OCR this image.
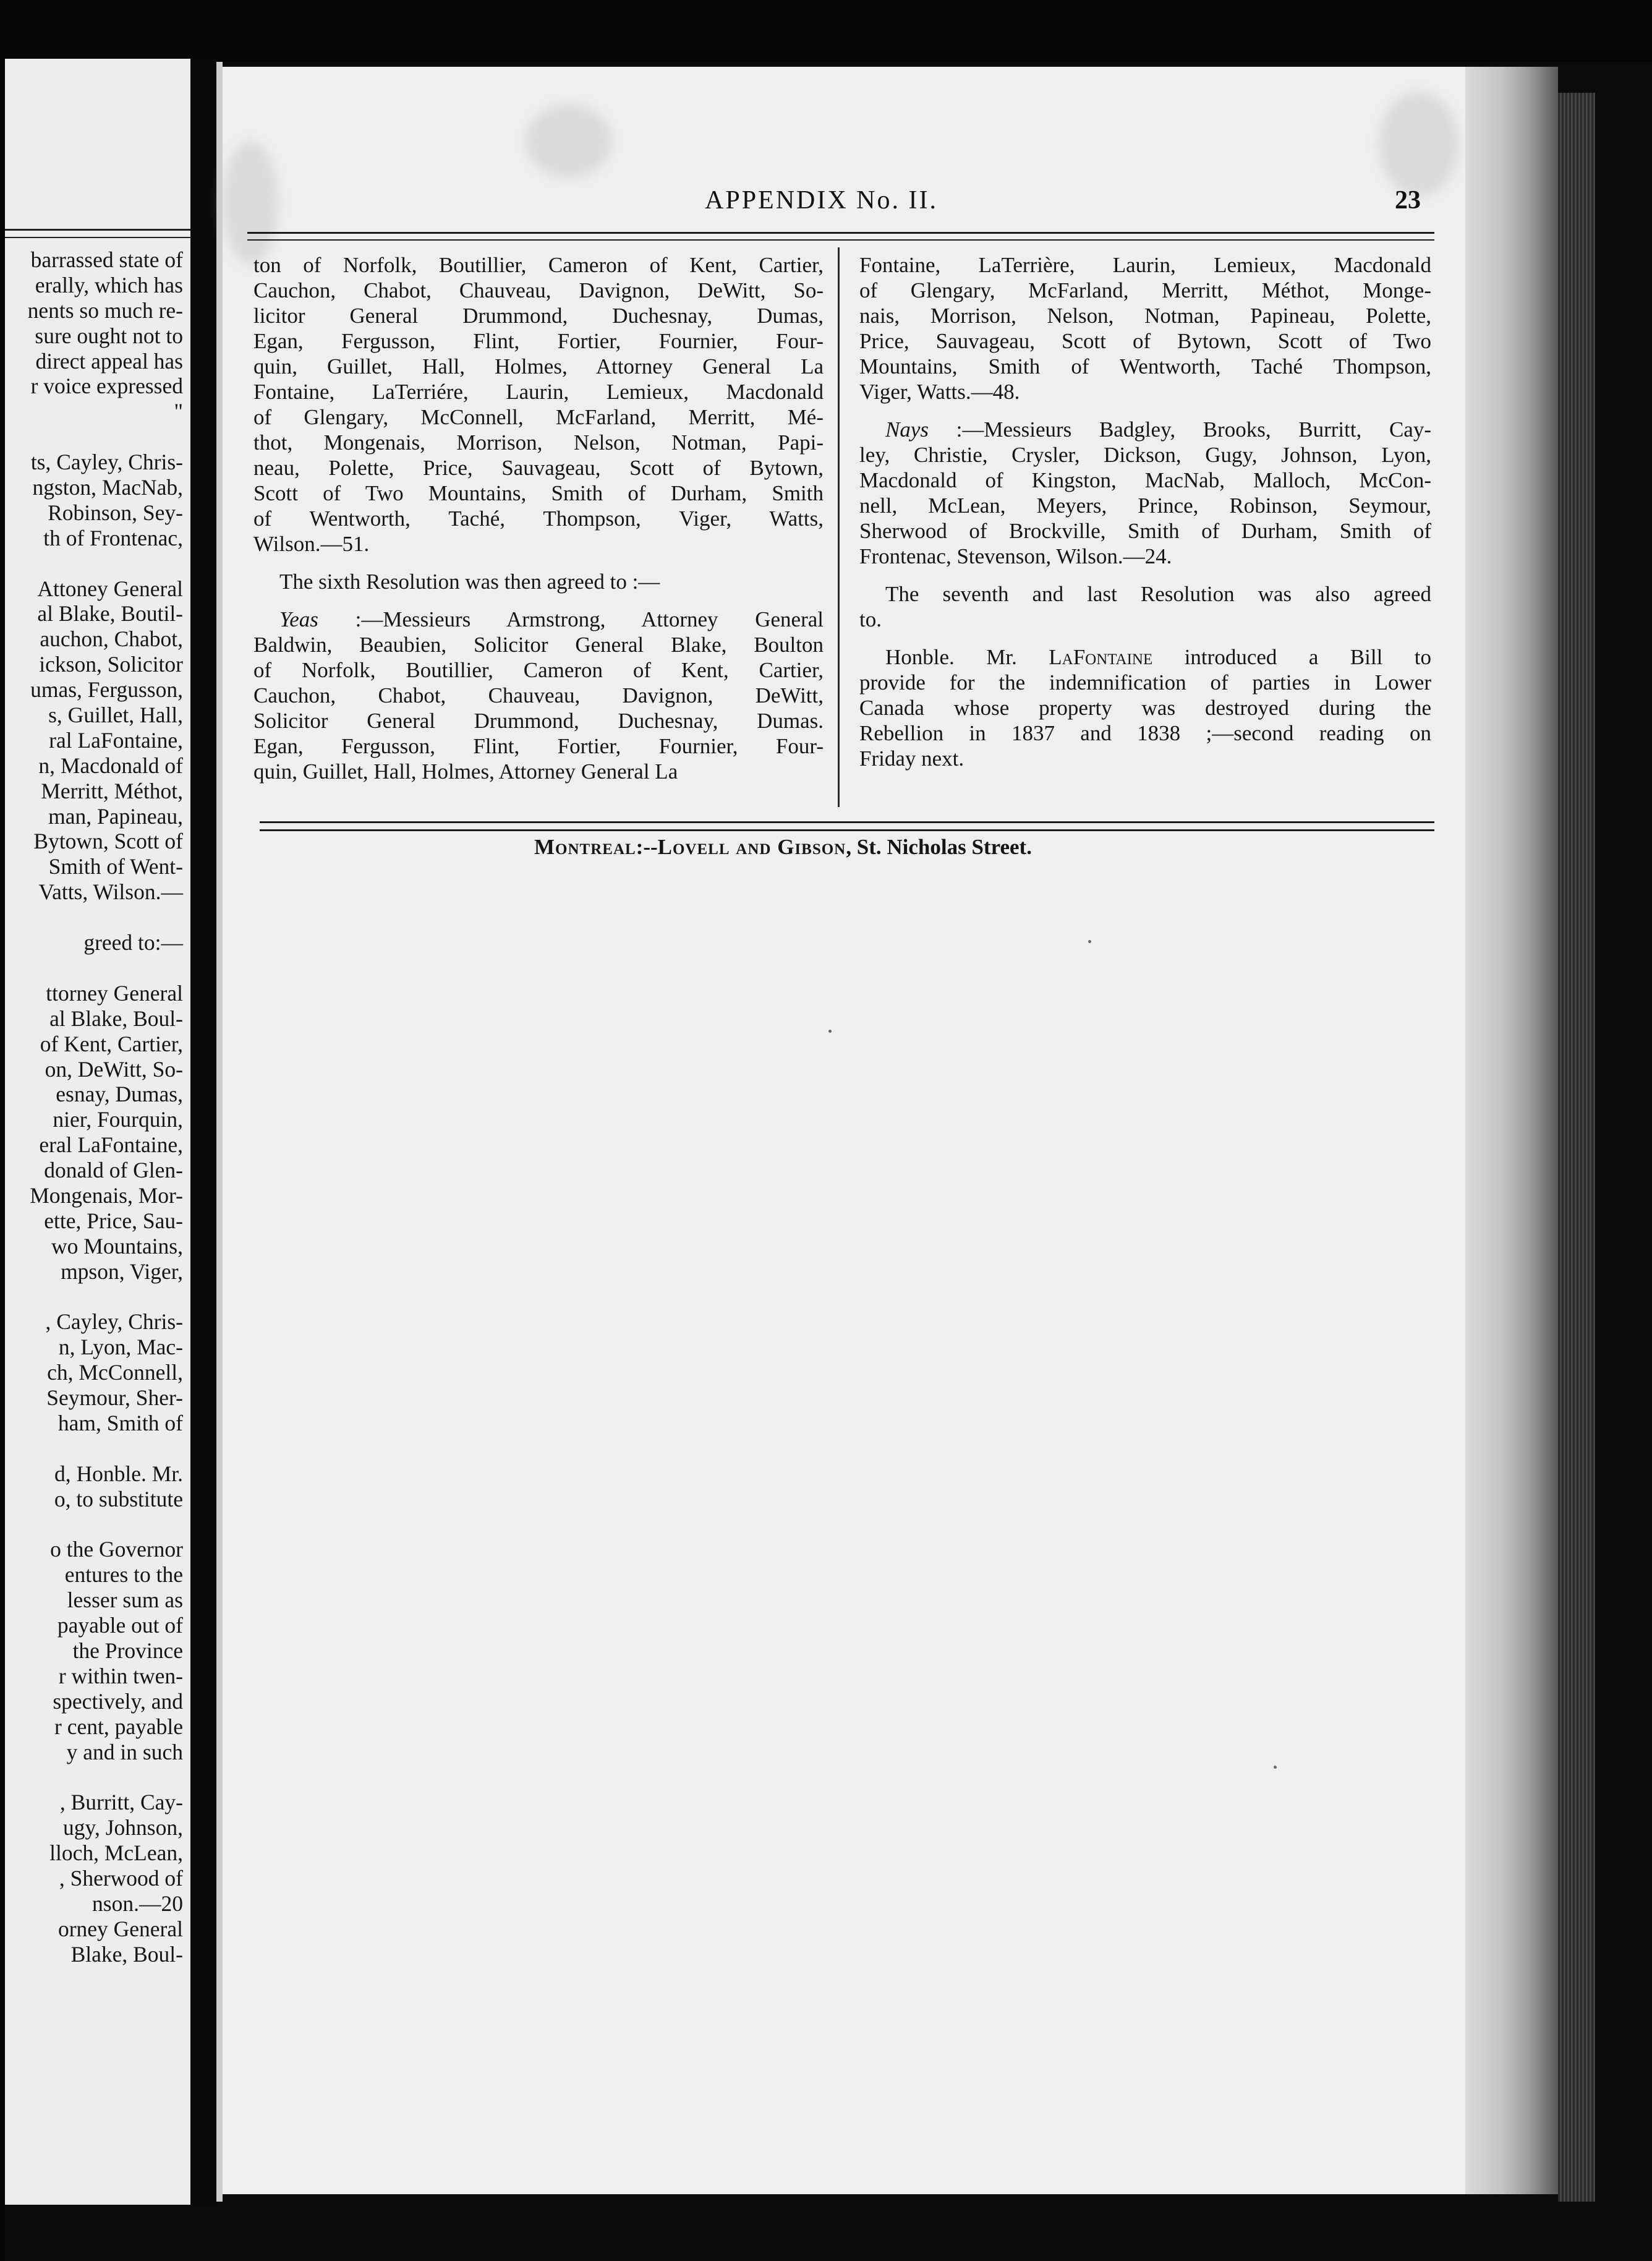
barrassed state of
erally, which has
nents so much re-
sure ought not to
direct appeal has
r voice expressed
"
ts, Cayley, Chris-
ngston, MacNab,
Robinson, Sey-
th of Frontenac,
Attoney General
al Blake, Boutil-
auchon, Chabot,
ickson, Solicitor
umas, Fergusson,
s, Guillet, Hall,
ral LaFontaine,
n, Macdonald of
Merritt, Méthot,
man, Papineau,
Bytown, Scott of
Smith of Went-
Vatts, Wilson.—
greed to:—
ttorney General
al Blake, Boul-
of Kent, Cartier,
on, DeWitt, So-
esnay, Dumas,
nier, Fourquin,
eral LaFontaine,
donald of Glen-
Mongenais, Mor-
ette, Price, Sau-
wo Mountains,
mpson, Viger,
, Cayley, Chris-
n, Lyon, Mac-
ch, McConnell,
Seymour, Sher-
ham, Smith of
d, Honble. Mr.
o, to substitute
o the Governor
entures to the
lesser sum as
payable out of
the Province
r within twen-
spectively, and
r cent, payable
y and in such
, Burritt, Cay-
ugy, Johnson,
lloch, McLean,
, Sherwood of
nson.—20
orney General
Blake, Boul-
APPENDIX No. II.	23
ton of Norfolk, Boutillier, Cameron of Kent, Cartier,
Cauchon, Chabot, Chauveau, Davignon, DeWitt, So-
licitor General Drummond, Duchesnay, Dumas,
Egan, Fergusson, Flint, Fortier, Fournier, Four-
quin, Guillet, Hall, Holmes, Attorney General La
Fontaine, LaTerriére, Laurin, Lemieux, Macdonald
of Glengary, McConnell, McFarland, Merritt, Mé-
thot, Mongenais, Morrison, Nelson, Notman, Papi-
neau, Polette, Price, Sauvageau, Scott of Bytown,
Scott of Two Mountains, Smith of Durham, Smith
of Wentworth, Taché, Thompson, Viger, Watts,
Wilson.—51.

The sixth Resolution was then agreed to :—

Yeas :—Messieurs Armstrong, Attorney General
Baldwin, Beaubien, Solicitor General Blake, Boulton
of Norfolk, Boutillier, Cameron of Kent, Cartier,
Cauchon, Chabot, Chauveau, Davignon, DeWitt,
Solicitor General Drummond, Duchesnay, Dumas.
Egan, Fergusson, Flint, Fortier, Fournier, Four-
quin, Guillet, Hall, Holmes, Attorney General La
Fontaine, LaTerrière, Laurin, Lemieux, Macdonald
of Glengary, McFarland, Merritt, Méthot, Monge-
nais, Morrison, Nelson, Notman, Papineau, Polette,
Price, Sauvageau, Scott of Bytown, Scott of Two
Mountains, Smith of Wentworth, Taché Thompson,
Viger, Watts.—48.
Nays :—Messieurs Badgley, Brooks, Burritt, Cay-
ley, Christie, Crysler, Dickson, Gugy, Johnson, Lyon,
Macdonald of Kingston, MacNab, Malloch, McCon-
nell, McLean, Meyers, Prince, Robinson, Seymour,
Sherwood of Brockville, Smith of Durham, Smith of
Frontenac, Stevenson, Wilson.—24.
The seventh and last Resolution was also agreed
to.
Honble. Mr. LaFontaine introduced a Bill to
provide for the indemnification of parties in Lower
Canada whose property was destroyed during the
Rebellion in 1837 and 1838 ;—second reading on
Friday next.
Montreal:--Lovell and Gibson, St. Nicholas Street.
